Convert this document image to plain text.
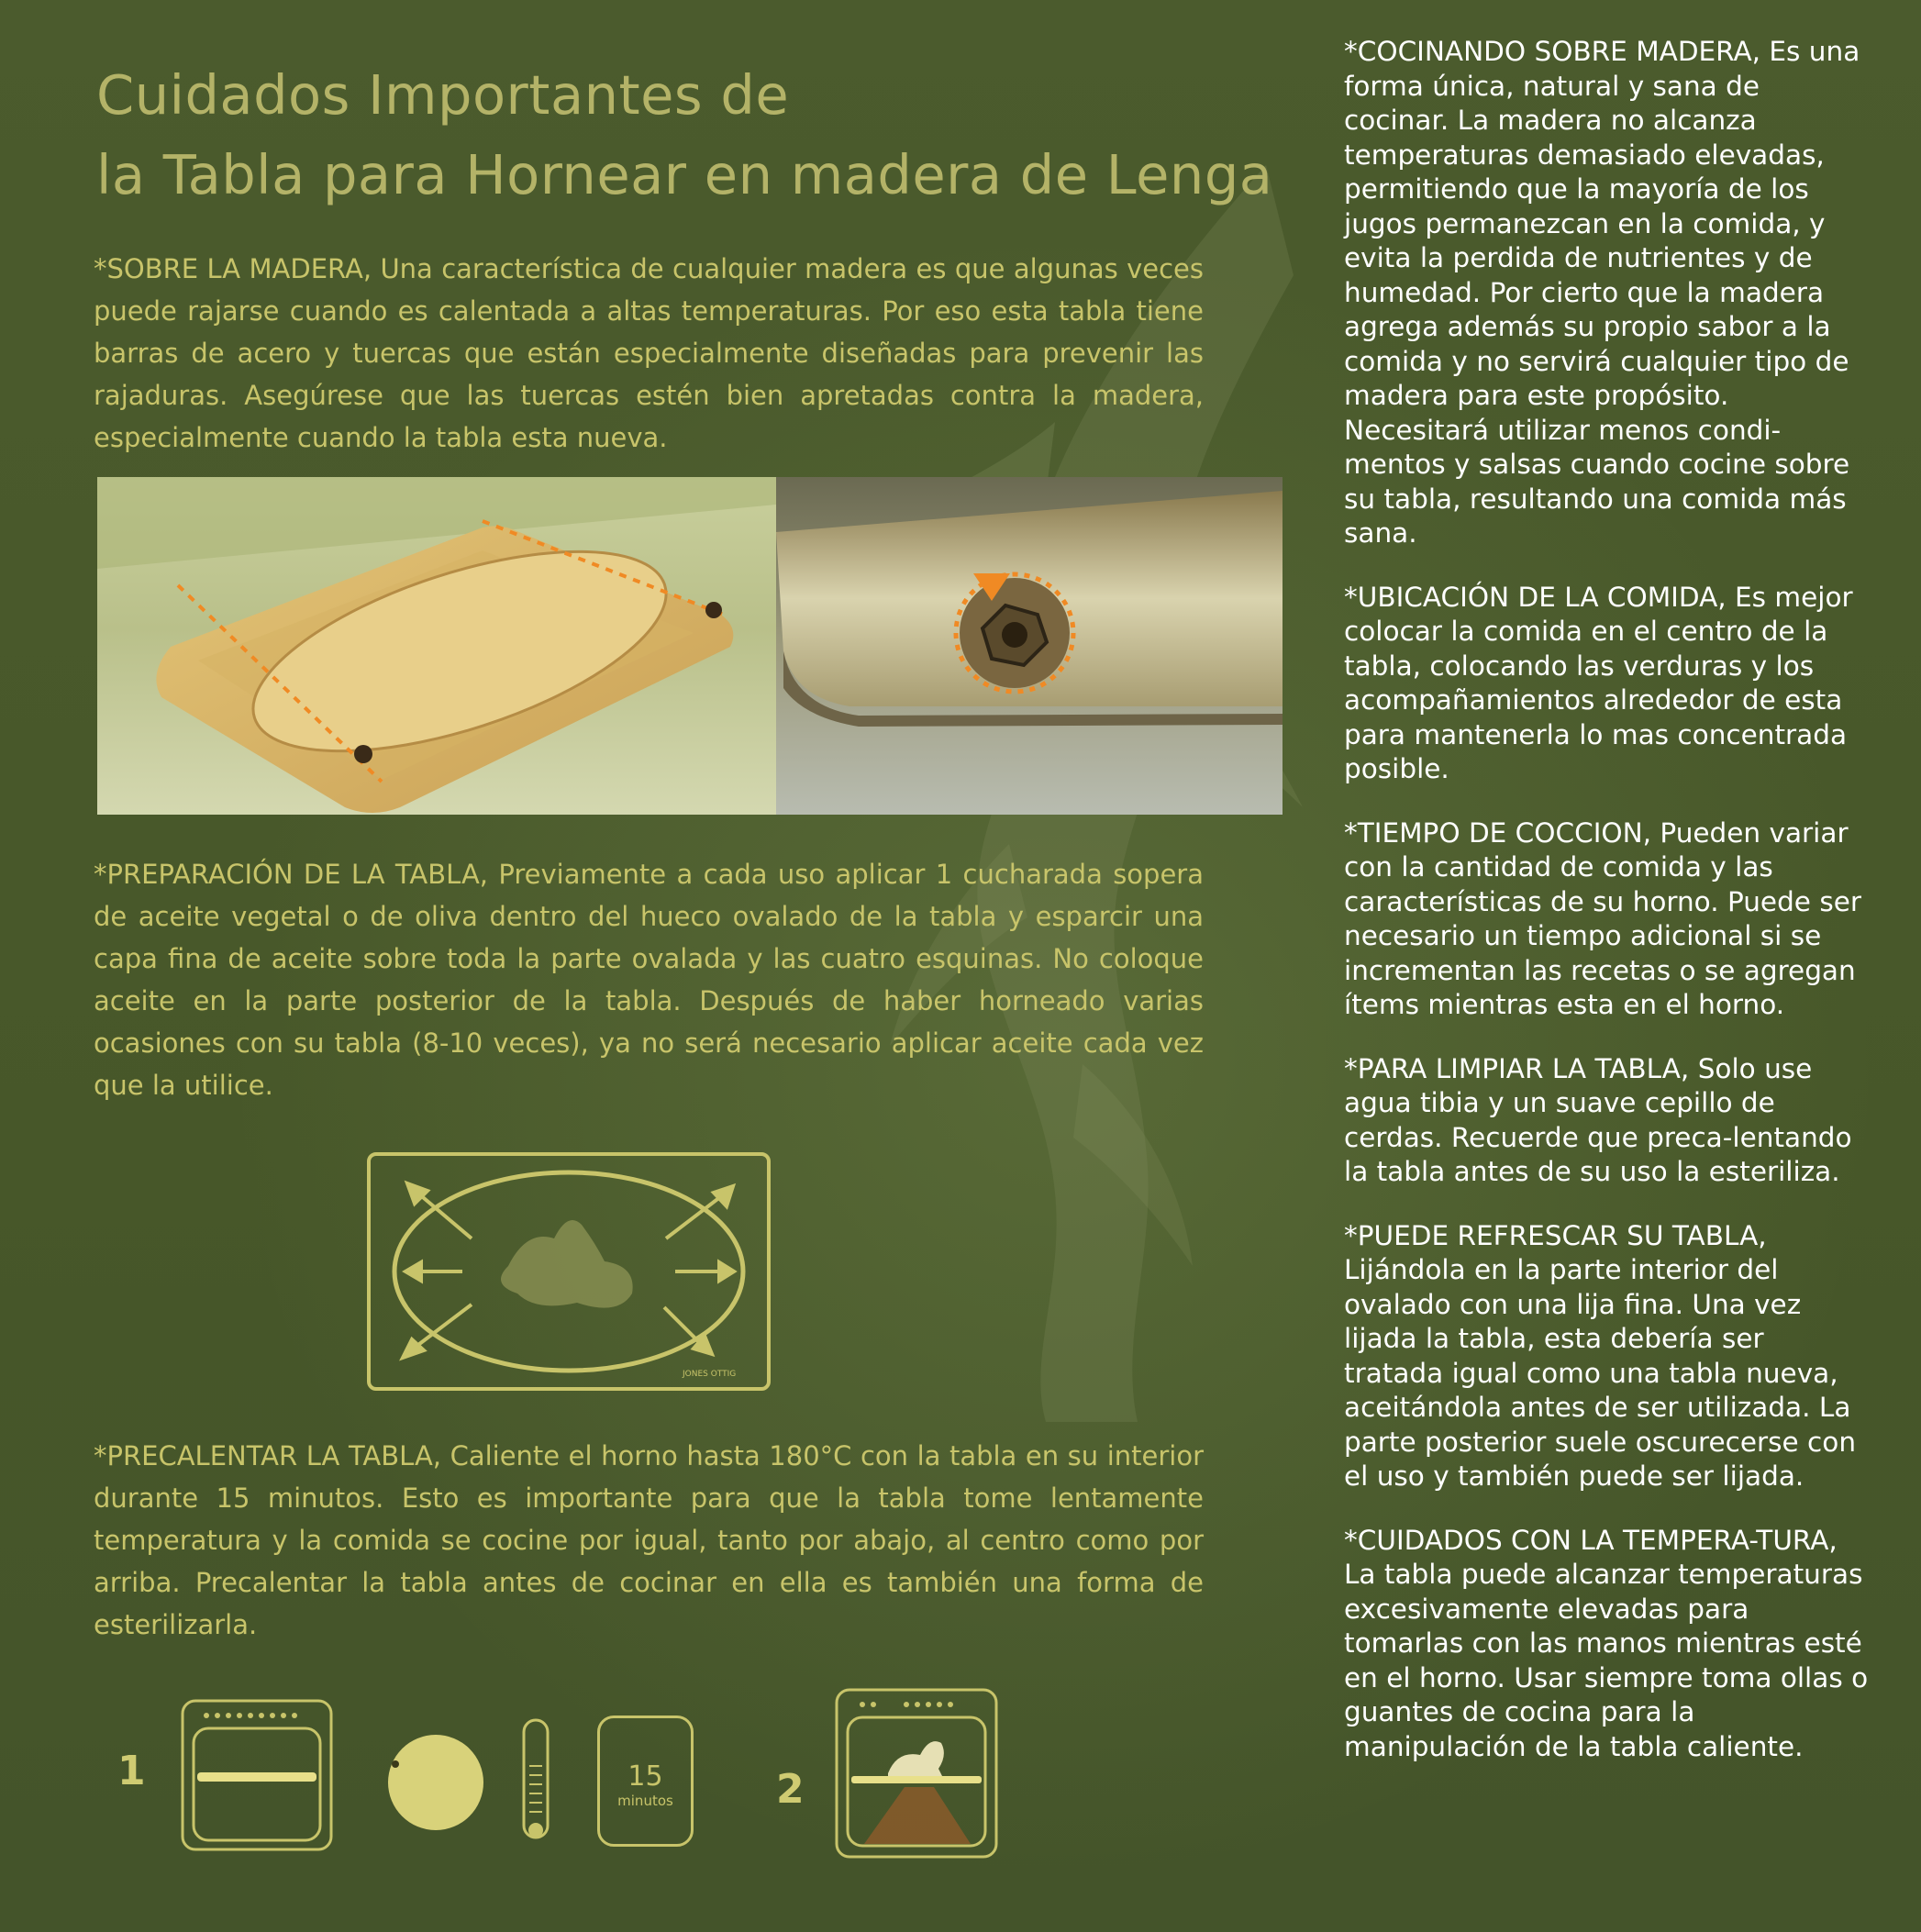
Cuidados Importantes de
la Tabla para Hornear en madera de Lenga
*SOBRE LA MADERA, Una característica de cualquier madera es que algunas veces puede rajarse cuando es calentada a altas temperaturas. Por eso esta tabla tiene barras de acero y tuercas que están especialmente diseñadas para prevenir las rajaduras. Asegúrese que las tuercas estén bien apretadas contra la madera, especialmente cuando la tabla esta nueva.
*PREPARACIÓN DE LA TABLA, Previamente a cada uso aplicar 1 cucharada sopera de aceite vegetal o de oliva dentro del hueco ovalado de la tabla y esparcir una capa fina de aceite sobre toda la parte ovalada y las cuatro esquinas. No coloque aceite en la parte posterior de la tabla. Después de haber horneado varias ocasiones con su tabla (8-10 veces), ya no será necesario aplicar aceite cada vez que la utilice.
JONES OTTIG
*PRECALENTAR LA TABLA, Caliente el horno hasta 180°C con la tabla en su interior durante 15 minutos. Esto es importante para que la tabla tome lentamente temperatura y la comida se cocine por igual, tanto por abajo, al centro como por arriba. Precalentar la tabla antes de cocinar en ella es también una forma de esterilizarla.
1	15
minutos	2

*COCINANDO SOBRE MADERA, Es una forma única, natural y sana de cocinar. La madera no alcanza temperaturas demasiado elevadas, permitiendo que la mayoría de los jugos permanezcan en la comida, y evita la perdida de nutrientes y de humedad. Por cierto que la madera agrega además su propio sabor a la comida y no servirá cualquier tipo de madera para este propósito. Necesitará utilizar menos condi-mentos y salsas cuando cocine sobre su tabla, resultando una comida más sana.

*UBICACIÓN DE LA COMIDA, Es mejor colocar la comida en el centro de la tabla, colocando las verduras y los acompañamientos alrededor de esta para mantenerla lo mas concentrada posible.

*TIEMPO DE COCCION, Pueden variar con la cantidad de comida y las características de su horno. Puede ser necesario un tiempo adicional si se incrementan las recetas o se agregan ítems mientras esta en el horno.

*PARA LIMPIAR LA TABLA, Solo use agua tibia y un suave cepillo de cerdas. Recuerde que preca-lentando la tabla antes de su uso la esteriliza.

*PUEDE REFRESCAR SU TABLA, Lijándola en la parte interior del ovalado con una lija fina. Una vez lijada la tabla, esta debería ser tratada igual como una tabla nueva, aceitándola antes de ser utilizada. La parte posterior suele oscurecerse con el uso y también puede ser lijada.

*CUIDADOS CON LA TEMPERA-TURA, La tabla puede alcanzar temperaturas excesivamente elevadas para tomarlas con las manos mientras esté en el horno. Usar siempre toma ollas o guantes de cocina para la manipulación de la tabla caliente.
